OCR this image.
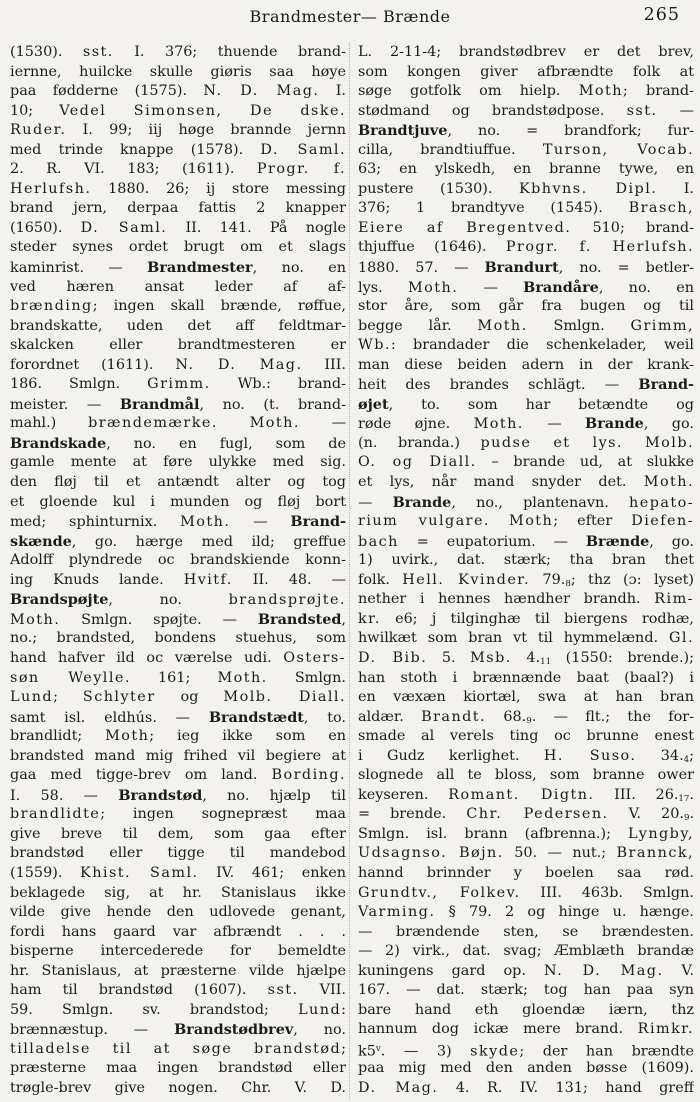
Brandmester— Brænde	265
(1530). sst. I. 376; thuende brand-
iernne, huilcke skulle giøris saa høye
paa fødderne (1575). N. D. Mag. I.
10; Vedel Simonsen, De dske.
Ruder. I. 99; iij høge brannde jernn
med trinde knappe (1578). D. Saml.
2. R. VI. 183; (1611). Progr. f.
Herlufsh. 1880. 26; ij store messing
brand jern, derpaa fattis 2 knapper
(1650). D. Saml. II. 141. På nogle
steder synes ordet brugt om et slags
kaminrist. — Brandmester, no. en
ved hæren ansat leder af af-
brænding; ingen skall brænde, røffue,
brandskatte, uden det aff feldtmar-
skalcken eller brandtmesteren er
forordnet (1611). N. D. Mag. III.
186. Smlgn. Grimm. Wb.: brand-
meister. — Brandmål, no. (t. brand-
mahl.) brændemærke. Moth. —
Brandskade, no. en fugl, som de
gamle mente at føre ulykke med sig.
den fløj til et antændt alter og tog
et gloende kul i munden og fløj bort
med; sphinturnix. Moth. — Brand-
skænde, go. hærge med ild; greffue
Adolff plyndrede oc brandskiende konn-
ing Knuds lande. Hvitf. II. 48. —
Brandspøjte, no. brandsprøjte.
Moth. Smlgn. spøjte. — Brandsted,
no.; brandsted, bondens stuehus, som
hand hafver ild oc værelse udi. Osters-
søn Weylle. 161; Moth. Smlgn.
Lund; Schlyter og Molb. Diall.
samt isl. eldhús. — Brandstædt, to.
brandlidt; Moth; ieg ikke som en
brandsted mand mig frihed vil begiere at
gaa med tigge-brev om land. Bording.
I. 58. — Brandstød, no. hjælp til
brandlidte; ingen sognepræst maa
give breve til dem, som gaa efter
brandstød eller tigge til mandebod
(1559). Khist. Saml. IV. 461; enken
beklagede sig, at hr. Stanislaus ikke
vilde give hende den udlovede genant,
fordi hans gaard var afbrændt . . .
bisperne intercederede for bemeldte
hr. Stanislaus, at præsterne vilde hjælpe
ham til brandstød (1607). sst. VII.
59. Smlgn. sv. brandstod; Lund:
brænnæstup. — Brandstødbrev, no.
tilladelse til at søge brandstød;
præsterne maa ingen brandstød eller
trøgle-brev give nogen. Chr. V. D.
L. 2-11-4; brandstødbrev er det brev,
som kongen giver afbrændte folk at
søge gotfolk om hielp. Moth; brand-
stødmand og brandstødpose. sst. —
Brandtjuve, no. = brandfork; fur-
cilla, brandtiuffue. Turson, Vocab.
63; en ylskedh, en branne tywe, en
pustere (1530). Kbhvns. Dipl. I.
376; 1 brandtyve (1545). Brasch,
Eiere af Bregentved. 510; brand-
thjuffue (1646). Progr. f. Herlufsh.
1880. 57. — Brandurt, no. = betler-
lys. Moth. — Brandåre, no. en
stor åre, som går fra bugen og til
begge lår. Moth. Smlgn. Grimm,
Wb.: brandader die schenkelader, weil
man diese beiden adern in der krank-
heit des brandes schlägt. — Brand-
øjet, to. som har betændte og
røde øjne. Moth. — Brande, go.
(n. branda.) pudse et lys. Molb.
O. og Diall. – brande ud, at slukke
et lys, når mand snyder det. Moth.
— Brande, no., plantenavn. hepato-
rium vulgare. Moth; efter Diefen-
bach = eupatorium. — Brænde, go.
1) uvirk., dat. stærk; tha bran thet
folk. Hell. Kvinder. 79.8; thz (ɔ: lyset)
nether i hennes hændher brandh. Rim-
kr. e6; j tilginghæ til biergens rodhæ,
hwilkæt som bran vt til hymmelænd. Gl.
D. Bib. 5. Msb. 4.11 (1550: brende.);
han stoth i brænnænde baat (baal?) i
en væxæn kiortæl, swa at han bran
aldær. Brandt. 68.9. — flt.; the for-
smade al verels ting oc brunne enest
i Gudz kerlighet. H. Suso. 34.4;
slognede all te bloss, som branne ower
keyseren. Romant. Digtn. III. 26.17.
= brende. Chr. Pedersen. V. 20.9.
Smlgn. isl. brann (afbrenna.); Lyngby,
Udsagnso. Bøjn. 50. — nut.; Brannck,
hannd brinnder y boelen saa rød.
Grundtv., Folkev. III. 463b. Smlgn.
Varming. § 79. 2 og hinge u. hænge.
— brændende sten, se brændesten.
— 2) virk., dat. svag; Æmblæth brandæ
kuningens gard op. N. D. Mag. V.
167. — dat. stærk; tog han paa syn
bare hand eth gloendæ iærn, thz
hannum dog ickæ mere brand. Rimkr.
k5$^v$. — 3) skyde; der han brændte
paa mig med den anden bøsse (1609).
D. Mag. 4. R. IV. 131; hand greff
